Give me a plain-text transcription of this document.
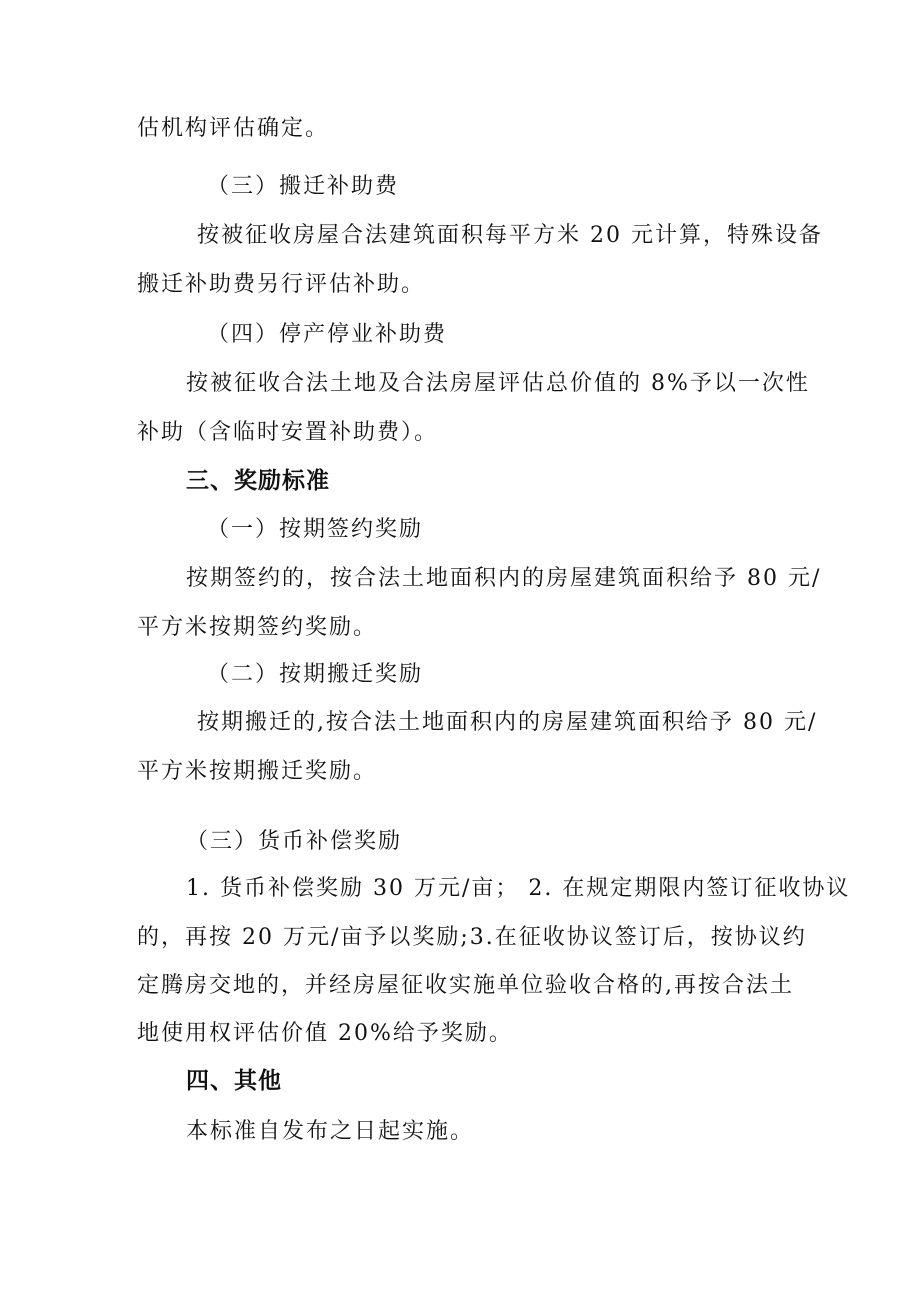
估机构评估确定。
（三）搬迁补助费
按被征收房屋合法建筑面积每平方米 20 元计算，特殊设备
搬迁补助费另行评估补助。
（四）停产停业补助费
按被征收合法土地及合法房屋评估总价值的 8%予以一次性
补助（含临时安置补助费）。
三、奖励标准
（一）按期签约奖励
按期签约的，按合法土地面积内的房屋建筑面积给予 80 元/
平方米按期签约奖励。
（二）按期搬迁奖励
按期搬迁的,按合法土地面积内的房屋建筑面积给予 80 元/
平方米按期搬迁奖励。
（三）货币补偿奖励
1. 货币补偿奖励 30 万元/亩； 2. 在规定期限内签订征收协议
的，再按 20 万元/亩予以奖励;3.在征收协议签订后，按协议约
定腾房交地的，并经房屋征收实施单位验收合格的,再按合法土
地使用权评估价值 20%给予奖励。
四、其他
本标准自发布之日起实施。
